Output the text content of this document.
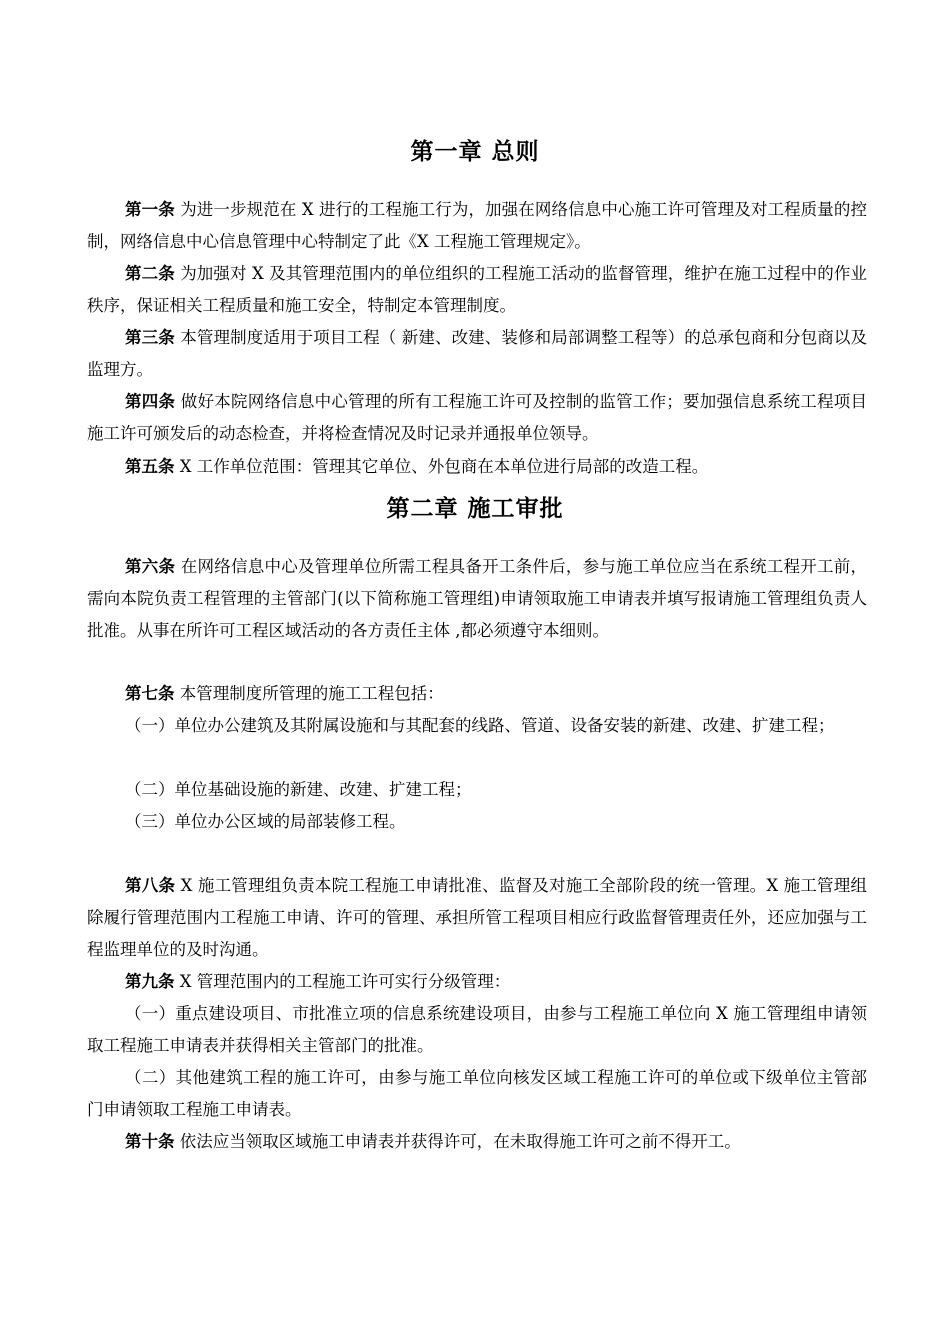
第一章 总则

第一条 为进一步规范在 X 进行的工程施工行为，加强在网络信息中心施工许可管理及对工程质量的控制，网络信息中心信息管理中心特制定了此《X 工程施工管理规定》。

第二条 为加强对 X 及其管理范围内的单位组织的工程施工活动的监督管理，维护在施工过程中的作业秩序，保证相关工程质量和施工安全，特制定本管理制度。

第三条 本管理制度适用于项目工程（ 新建、改建、装修和局部调整工程等）的总承包商和分包商以及监理方。

第四条 做好本院网络信息中心管理的所有工程施工许可及控制的监管工作；要加强信息系统工程项目施工许可颁发后的动态检查，并将检查情况及时记录并通报单位领导。

第五条 X 工作单位范围：管理其它单位、外包商在本单位进行局部的改造工程。

第二章 施工审批

第六条 在网络信息中心及管理单位所需工程具备开工条件后，参与施工单位应当在系统工程开工前，需向本院负责工程管理的主管部门(以下简称施工管理组)申请领取施工申请表并填写报请施工管理组负责人批准。从事在所许可工程区域活动的各方责任主体 ,都必须遵守本细则。

第七条 本管理制度所管理的施工工程包括：

（一）单位办公建筑及其附属设施和与其配套的线路、管道、设备安装的新建、改建、扩建工程；

（二）单位基础设施的新建、改建、扩建工程；

（三）单位办公区域的局部装修工程。

第八条 X 施工管理组负责本院工程施工申请批准、监督及对施工全部阶段的统一管理。X 施工管理组除履行管理范围内工程施工申请、许可的管理、承担所管工程项目相应行政监督管理责任外，还应加强与工程监理单位的及时沟通。

第九条 X 管理范围内的工程施工许可实行分级管理：

（一）重点建设项目、市批准立项的信息系统建设项目，由参与工程施工单位向 X 施工管理组申请领取工程施工申请表并获得相关主管部门的批准。

（二）其他建筑工程的施工许可，由参与施工单位向核发区域工程施工许可的单位或下级单位主管部门申请领取工程施工申请表。

第十条 依法应当领取区域施工申请表并获得许可，在未取得施工许可之前不得开工。
